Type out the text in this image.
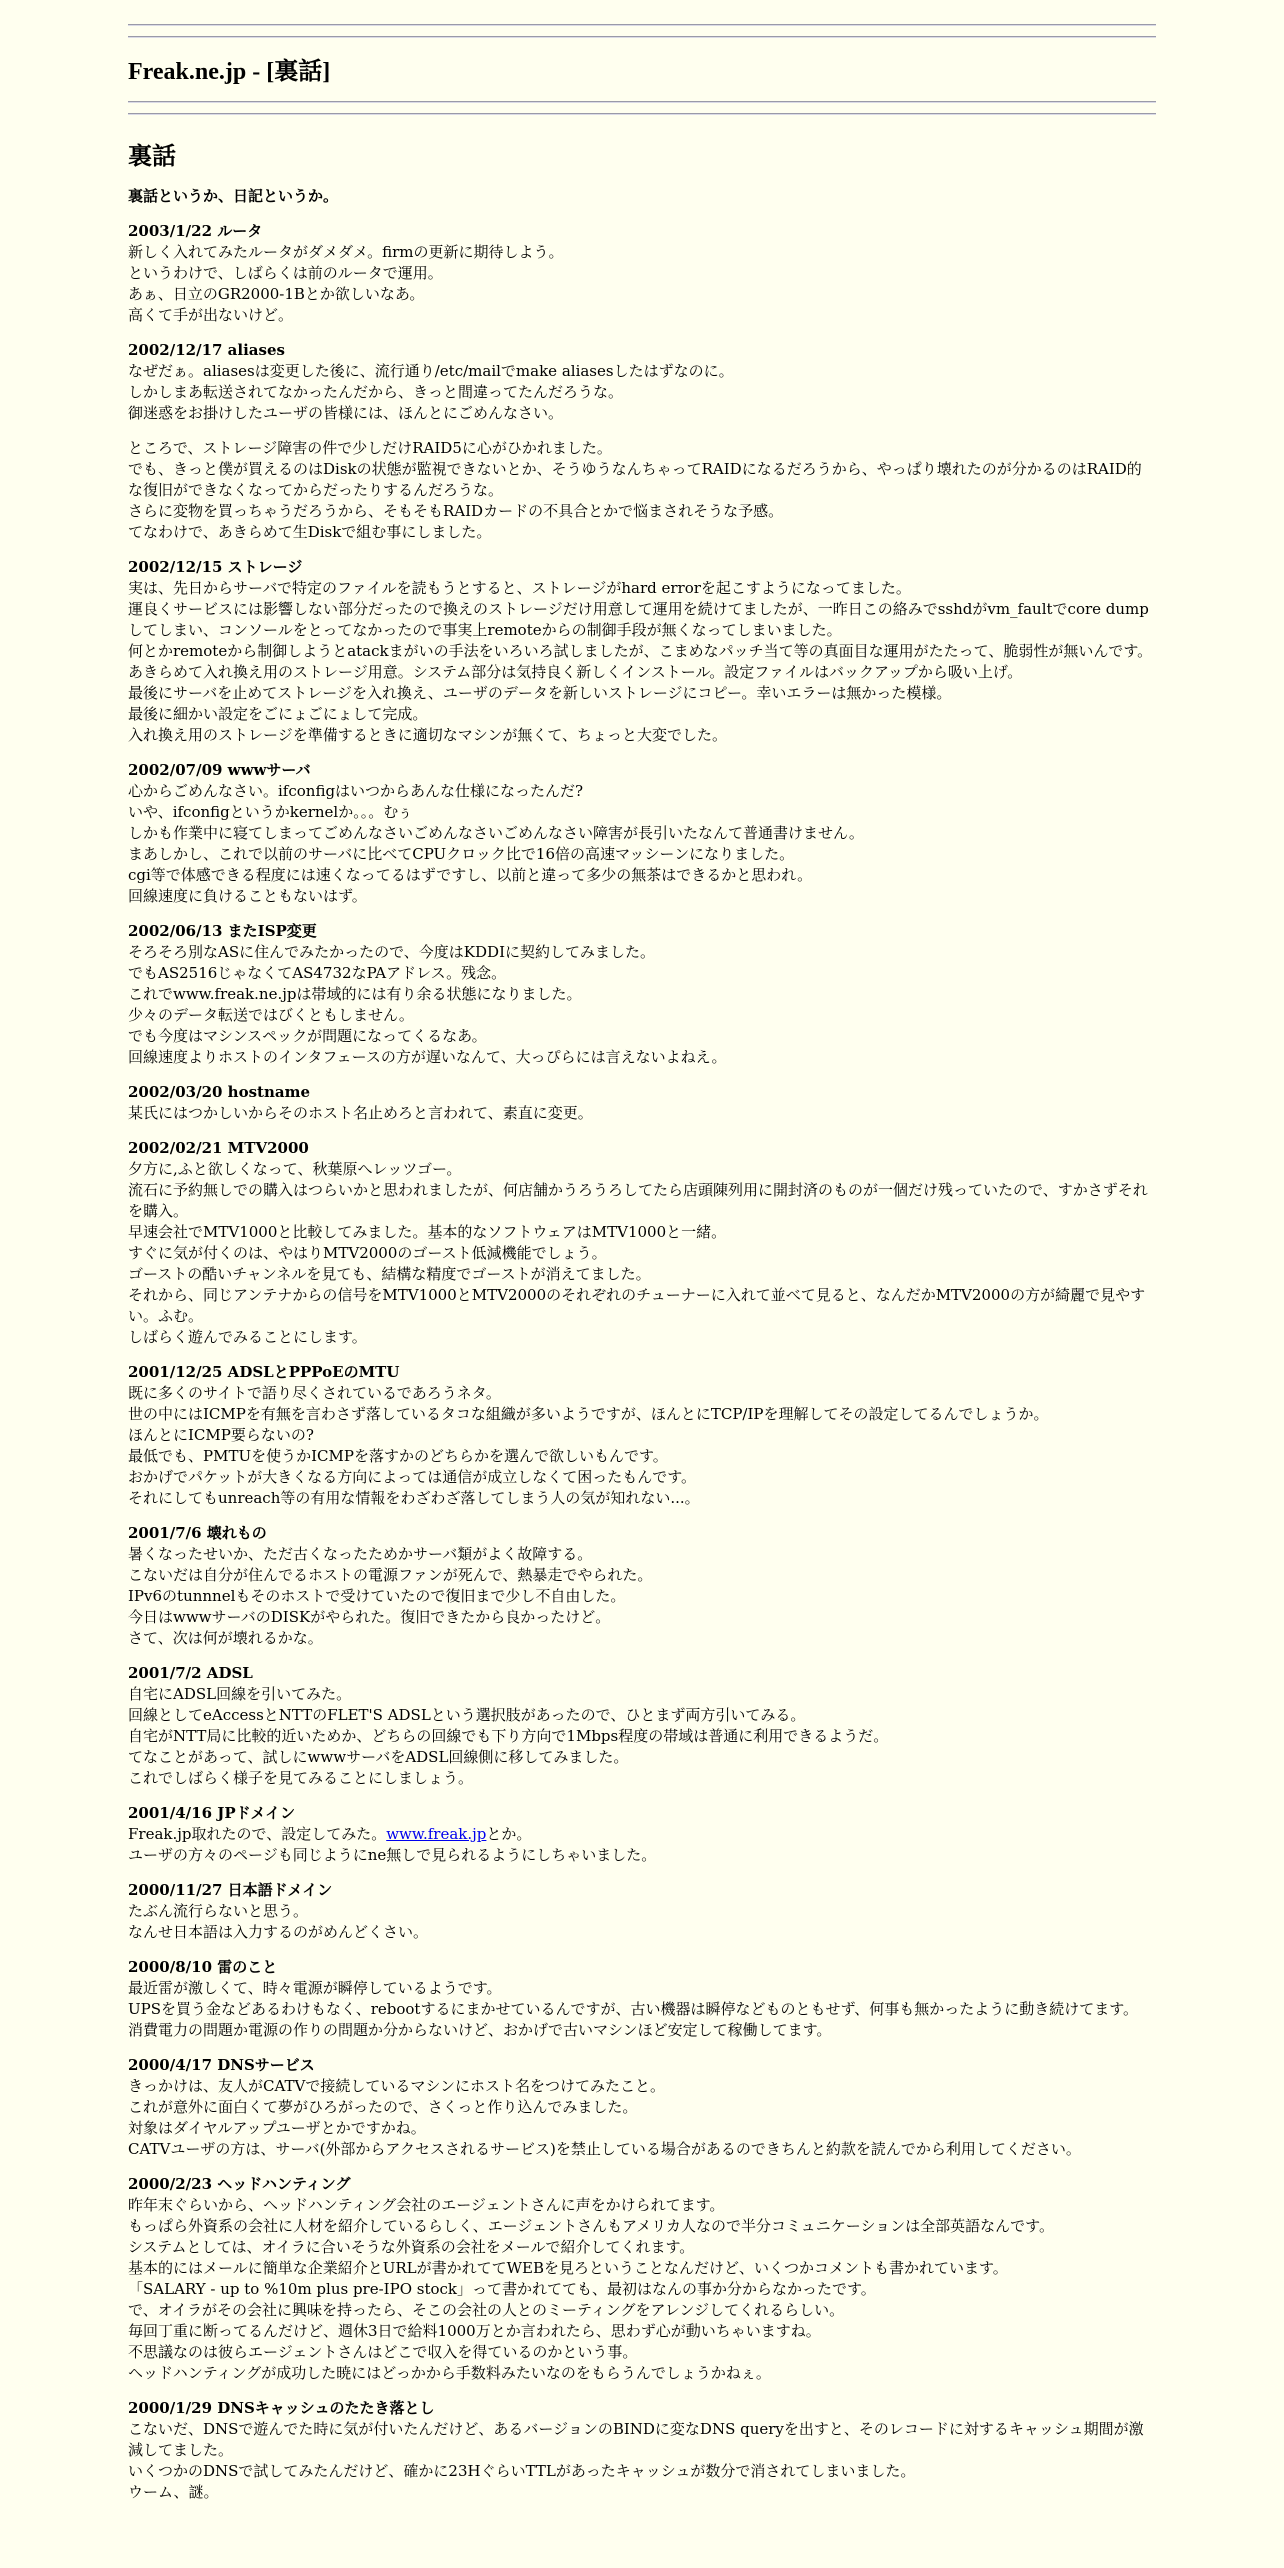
Freak.ne.jp - [裏話]
裏話
裏話というか、日記というか。
2003/1/22 ルータ
新しく入れてみたルータがダメダメ。firmの更新に期待しよう。
というわけで、しばらくは前のルータで運用。
あぁ、日立のGR2000-1Bとか欲しいなあ。
高くて手が出ないけど。
2002/12/17 aliases
なぜだぁ。aliasesは変更した後に、流行通り/etc/mailでmake aliasesしたはずなのに。
しかしまあ転送されてなかったんだから、きっと間違ってたんだろうな。
御迷惑をお掛けしたユーザの皆様には、ほんとにごめんなさい。
ところで、ストレージ障害の件で少しだけRAID5に心がひかれました。
でも、きっと僕が買えるのはDiskの状態が監視できないとか、そうゆうなんちゃってRAIDになるだろうから、やっぱり壊れたのが分かるのはRAID的な復旧ができなくなってからだったりするんだろうな。
さらに変物を買っちゃうだろうから、そもそもRAIDカードの不具合とかで悩まされそうな予感。
てなわけで、あきらめて生Diskで組む事にしました。
2002/12/15 ストレージ
実は、先日からサーバで特定のファイルを読もうとすると、ストレージがhard errorを起こすようになってました。
運良くサービスには影響しない部分だったので換えのストレージだけ用意して運用を続けてましたが、一昨日この絡みでsshdがvm_faultでcore dumpしてしまい、コンソールをとってなかったので事実上remoteからの制御手段が無くなってしまいました。
何とかremoteから制御しようとatackまがいの手法をいろいろ試しましたが、こまめなパッチ当て等の真面目な運用がたたって、脆弱性が無いんです。
あきらめて入れ換え用のストレージ用意。システム部分は気持良く新しくインストール。設定ファイルはバックアップから吸い上げ。
最後にサーバを止めてストレージを入れ換え、ユーザのデータを新しいストレージにコピー。幸いエラーは無かった模様。
最後に細かい設定をごにょごにょして完成。
入れ換え用のストレージを準備するときに適切なマシンが無くて、ちょっと大変でした。
2002/07/09 wwwサーバ
心からごめんなさい。ifconfigはいつからあんな仕様になったんだ?
いや、ifconfigというかkernelか。。。むぅ
しかも作業中に寝てしまってごめんなさいごめんなさいごめんなさい障害が長引いたなんて普通書けません。
まあしかし、これで以前のサーバに比べてCPUクロック比で16倍の高速マッシーンになりました。
cgi等で体感できる程度には速くなってるはずですし、以前と違って多少の無茶はできるかと思われ。
回線速度に負けることもないはず。
2002/06/13 またISP変更
そろそろ別なASに住んでみたかったので、今度はKDDIに契約してみました。
でもAS2516じゃなくてAS4732なPAアドレス。残念。
これでwww.freak.ne.jpは帯域的には有り余る状態になりました。
少々のデータ転送ではびくともしません。
でも今度はマシンスペックが問題になってくるなあ。
回線速度よりホストのインタフェースの方が遅いなんて、大っぴらには言えないよねえ。
2002/03/20 hostname
某氏にはつかしいからそのホスト名止めろと言われて、素直に変更。
2002/02/21 MTV2000
夕方に,ふと欲しくなって、秋葉原へレッツゴー。
流石に予約無しでの購入はつらいかと思われましたが、何店舗かうろうろしてたら店頭陳列用に開封済のものが一個だけ残っていたので、すかさずそれを購入。
早速会社でMTV1000と比較してみました。基本的なソフトウェアはMTV1000と一緒。
すぐに気が付くのは、やはりMTV2000のゴースト低減機能でしょう。
ゴーストの酷いチャンネルを見ても、結構な精度でゴーストが消えてました。
それから、同じアンテナからの信号をMTV1000とMTV2000のそれぞれのチューナーに入れて並べて見ると、なんだかMTV2000の方が綺麗で見やすい。ふむ。
しばらく遊んでみることにします。
2001/12/25 ADSLとPPPoEのMTU
既に多くのサイトで語り尽くされているであろうネタ。
世の中にはICMPを有無を言わさず落しているタコな組織が多いようですが、ほんとにTCP/IPを理解してその設定してるんでしょうか。
ほんとにICMP要らないの?
最低でも、PMTUを使うかICMPを落すかのどちらかを選んで欲しいもんです。
おかげでパケットが大きくなる方向によっては通信が成立しなくて困ったもんです。
それにしてもunreach等の有用な情報をわざわざ落してしまう人の気が知れない...。
2001/7/6 壊れもの
暑くなったせいか、ただ古くなったためかサーバ類がよく故障する。
こないだは自分が住んでるホストの電源ファンが死んで、熱暴走でやられた。
IPv6のtunnnelもそのホストで受けていたので復旧まで少し不自由した。
今日はwwwサーバのDISKがやられた。復旧できたから良かったけど。
さて、次は何が壊れるかな。
2001/7/2 ADSL
自宅にADSL回線を引いてみた。
回線としてeAccessとNTTのFLET'S ADSLという選択肢があったので、ひとまず両方引いてみる。
自宅がNTT局に比較的近いためか、どちらの回線でも下り方向で1Mbps程度の帯域は普通に利用できるようだ。
てなことがあって、試しにwwwサーバをADSL回線側に移してみました。
これでしばらく様子を見てみることにしましょう。
2001/4/16 JPドメイン
Freak.jp取れたので、設定してみた。www.freak.jpとか。
ユーザの方々のページも同じようにne無しで見られるようにしちゃいました。
2000/11/27 日本語ドメイン
たぶん流行らないと思う。
なんせ日本語は入力するのがめんどくさい。
2000/8/10 雷のこと
最近雷が激しくて、時々電源が瞬停しているようです。
UPSを買う金などあるわけもなく、rebootするにまかせているんですが、古い機器は瞬停などものともせず、何事も無かったように動き続けてます。
消費電力の問題か電源の作りの問題か分からないけど、おかげで古いマシンほど安定して稼働してます。
2000/4/17 DNSサービス
きっかけは、友人がCATVで接続しているマシンにホスト名をつけてみたこと。
これが意外に面白くて夢がひろがったので、さくっと作り込んでみました。
対象はダイヤルアップユーザとかですかね。
CATVユーザの方は、サーバ(外部からアクセスされるサービス)を禁止している場合があるのできちんと約款を読んでから利用してください。
2000/2/23 ヘッドハンティング
昨年末ぐらいから、ヘッドハンティング会社のエージェントさんに声をかけられてます。
もっぱら外資系の会社に人材を紹介しているらしく、エージェントさんもアメリカ人なので半分コミュニケーションは全部英語なんです。
システムとしては、オイラに合いそうな外資系の会社をメールで紹介してくれます。
基本的にはメールに簡単な企業紹介とURLが書かれててWEBを見ろということなんだけど、いくつかコメントも書かれています。
「SALARY - up to %10m plus pre-IPO stock」って書かれてても、最初はなんの事か分からなかったです。
で、オイラがその会社に興味を持ったら、そこの会社の人とのミーティングをアレンジしてくれるらしい。
毎回丁重に断ってるんだけど、週休3日で給料1000万とか言われたら、思わず心が動いちゃいますね。
不思議なのは彼らエージェントさんはどこで収入を得ているのかという事。
ヘッドハンティングが成功した暁にはどっかから手数料みたいなのをもらうんでしょうかねぇ。
2000/1/29 DNSキャッシュのたたき落とし
こないだ、DNSで遊んでた時に気が付いたんだけど、あるバージョンのBINDに変なDNS queryを出すと、そのレコードに対するキャッシュ期間が激減してました。
いくつかのDNSで試してみたんだけど、確かに23HぐらいTTLがあったキャッシュが数分で消されてしまいました。
ウーム、謎。
